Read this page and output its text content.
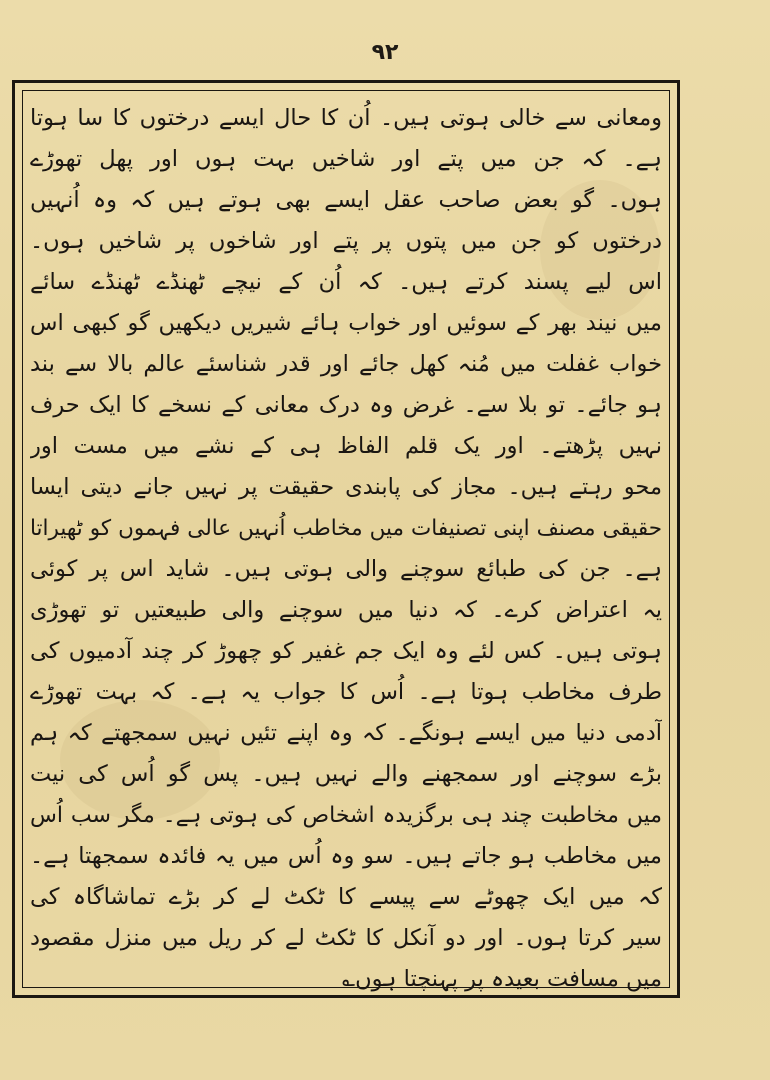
۹۲
ومعانی سے خالی ہوتی ہیں۔ اُن کا حال ایسے درختوں کا سا ہوتا
ہے۔ کہ جن میں پتے اور شاخیں بہت ہوں اور پھل تھوڑے
ہوں۔ گو بعض صاحب عقل ایسے بھی ہوتے ہیں کہ وہ اُنہیں
درختوں کو جن میں پتوں پر پتے اور شاخوں پر شاخیں ہوں۔
اس لیے پسند کرتے ہیں۔ کہ اُن کے نیچے ٹھنڈے ٹھنڈے سائے
میں نیند بھر کے سوئیں اور خواب ہائے شیریں دیکھیں گو کبھی اس
خواب غفلت میں مُنہ کھل جائے اور قدر شناسئے عالم بالا سے بند
ہو جائے۔ تو بلا سے۔ غرض وہ درک معانی کے نسخے کا ایک حرف
نہیں پڑھتے۔ اور یک قلم الفاظ ہی کے نشے میں مست اور
محو رہتے ہیں۔ مجاز کی پابندی حقیقت پر نہیں جانے دیتی ایسا
حقیقی مصنف اپنی تصنیفات میں مخاطب اُنہیں عالی فہموں کو ٹھیراتا
ہے۔ جن کی طبائع سوچنے والی ہوتی ہیں۔ شاید اس پر کوئی
یہ اعتراض کرے۔ کہ دنیا میں سوچنے والی طبیعتیں تو تھوڑی
ہوتی ہیں۔ کس لئے وہ ایک جم غفیر کو چھوڑ کر چند آدمیوں کی
طرف مخاطب ہوتا ہے۔ اُس کا جواب یہ ہے۔ کہ بہت تھوڑے
آدمی دنیا میں ایسے ہونگے۔ کہ وہ اپنے تئیں نہیں سمجھتے کہ ہم
بڑے سوچنے اور سمجھنے والے نہیں ہیں۔ پس گو اُس کی نیت
میں مخاطبت چند ہی برگزیدہ اشخاص کی ہوتی ہے۔ مگر سب اُس
میں مخاطب ہو جاتے ہیں۔ سو وہ اُس میں یہ فائدہ سمجھتا ہے۔
کہ میں ایک چھوٹے سے پیسے کا ٹکٹ لے کر بڑے تماشاگاہ کی
سیر کرتا ہوں۔ اور دو آنکل کا ٹکٹ لے کر ریل میں منزل مقصود
میں مسافت بعیدہ پر پہنچتا ہوں؎
